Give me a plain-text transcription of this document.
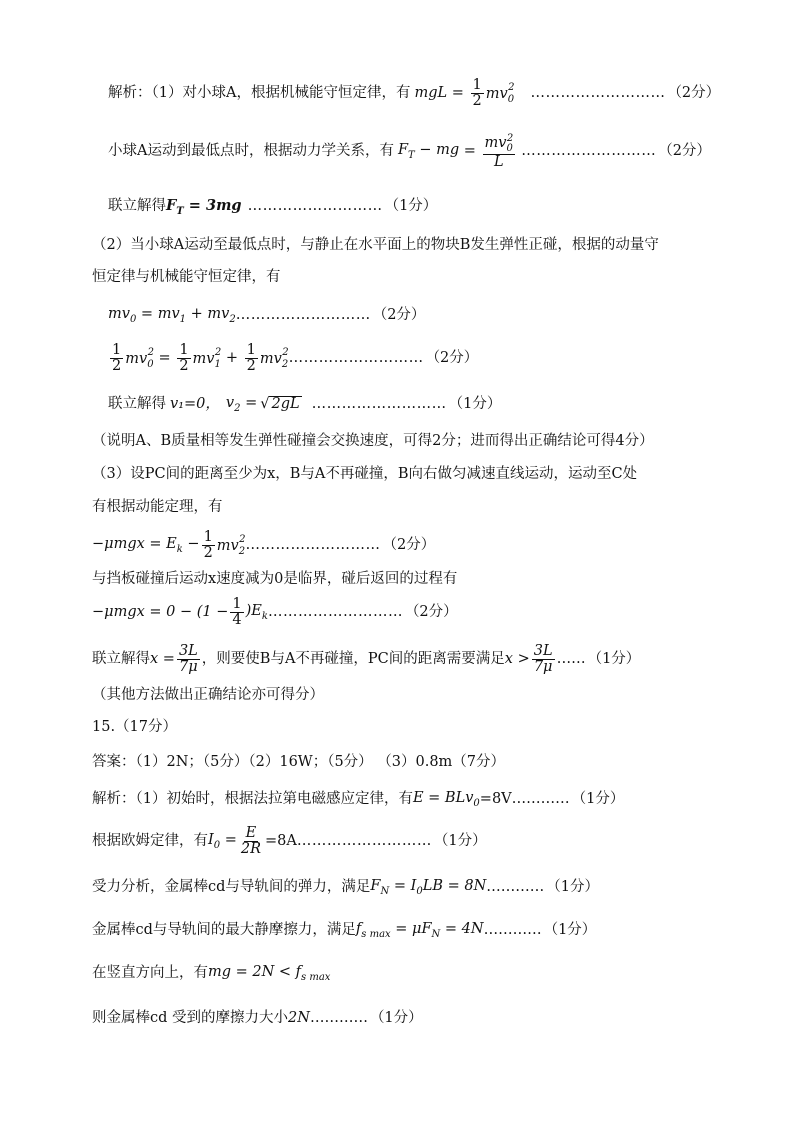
解析：（1）对小球A，根据机械能守恒定律，有 mgL = 1
2 $mv_0^2$ ……………………… （2分）
小球A运动到最低点时，根据动力学关系，有 $F_T$ − mg =
$mv_0^2$
L
……………………… （2分）
联立解得 $F_T = 3mg$ ……………………… （1分）
（2）当小球A运动至最低点时，与静止在水平面上的物块B发生弹性正碰，根据的动量守
恒定律与机械能守恒定律，有
$mv_0 = mv_1 + mv_2$ ……………………… （2分）
1
2 $mv_0^2 = 1$
2 $mv_1^2 + 1$
2 $mv_2^2$ ……………………… （2分）
联立解得 v₁=0， $v_2$ = √ 2gL ……………………… （1分）
（说明A、B质量相等发生弹性碰撞会交换速度，可得2分；进而得出正确结论可得4分）
（3）设PC间的距离至少为x，B与A不再碰撞，B向右做匀减速直线运动，运动至C处
有根据动能定理，有
$-\mu mgx = E_k - \frac{1}{2} mv_2^2$ ……………………… （2分）
与挡板碰撞后运动x速度减为0是临界，碰后返回的过程有
$-\mu mgx = 0 - (1 - \frac{1}{4} )E_k$ ……………………… （2分）
联立解得 $x = \frac{3L}{7\mu}$ ，则要使B与A不再碰撞，PC间的距离需要满足 x > 3L
7μ
…… （1分）
（其他方法做出正确结论亦可得分）
15.（17分）
答案：（1）2N；（5分）（2）16W；（5分） （3）0.8m（7分）
解析：（1）初始时，根据法拉第电磁感应定律，有 E = BLv$_0$ =8V ………… （1分）
根据欧姆定律，有 $I_0 = \frac{E}{2R} =8A$ ……………………… （1分）
受力分析，金属棒cd与导轨间的弹力，满足 $F_N = I_0LB = 8N$ ………… （1分）
金属棒cd与导轨间的最大静摩擦力，满足 $f_{s max} = \mu F_N = 4N$ ………… （1分）
在竖直方向上，有 mg = $2N < f_{s max}$
则金属棒cd 受到的摩擦力大小 2N ………… （1分）
